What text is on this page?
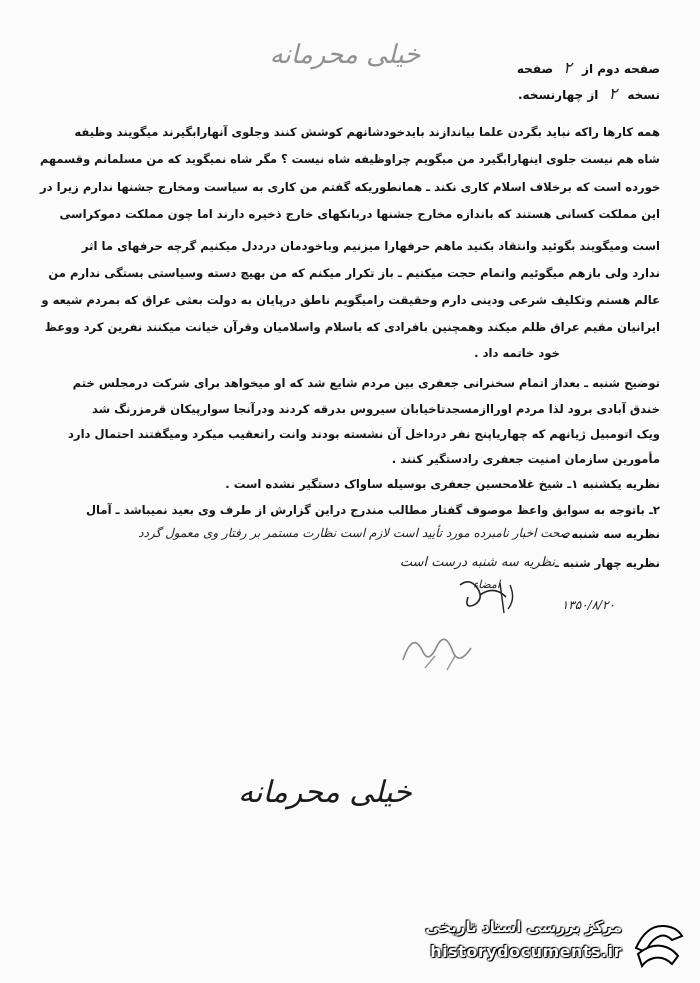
خیلی محرمانه	صفحه دوم از ۲ صفحه
نسخه ۲ از چهارنسخه.
همه کارها راکه نباید بگردن علما بیاندازند بایدخودشانهم کوشش کنند وجلوی آنهارابگیرند میگویند وظیفه
شاه هم نیست جلوی اینهارابگیرد من میگویم چراوظیفه شاه نیست ؟ مگر شاه نمیگوید که من مسلمانم وقسمهم
خورده است که برخلاف اسلام کاری نکند ـ همانطوریکه گفتم من کاری به سیاست ومخارج جشنها ندارم زیرا در
این مملکت کسانی هستند که باندازه مخارج جشنها دربانکهای خارج ذخیره دارند اما چون مملکت دموکراسی
است ومیگویند بگوئید وانتقاد بکنید ماهم حرفهارا میزنیم وباخودمان درددل میکنیم گرچه حرفهای ما اثر
ندارد ولی بازهم میگوئیم واتمام حجت میکنیم ـ باز تکرار میکنم که من بهیچ دسته وسیاستی بستگی ندارم من
عالم هستم وتکلیف شرعی ودینی دارم وحقیقت رامیگویم ناطق درپایان به دولت بعثی عراق که بمردم شیعه و
ایرانیان مقیم عراق ظلم میکند وهمچنین بافرادی که باسلام واسلامیان وقرآن خیانت میکنند نفرین کرد ووعظ
خود خاتمه داد .
توضیح شنبه ـ بعداز اتمام سخنرانی جعفری بین مردم شایع شد که او میخواهد برای شرکت درمجلس ختم
خندق آبادی برود لذا مردم اوراازمسجدتاخیابان سیروس بدرقه کردند ودرآنجا سوارپیکان قرمزرنگ شد
ویک اتومبیل ژیانهم که چهاریاپنج نفر درداخل آن نشسته بودند وانت راتعقیب میکرد ومیگفتند احتمال دارد
مأمورین سازمان امنیت جعفری رادستگیر کنند .
نظریه یکشنبه ۱ـ شیخ غلامحسین جعفری بوسیله ساواک دستگیر نشده است .
۲ـ باتوجه به سوابق واعظ موصوف گفتار مطالب مندرج دراین گزارش از طرف وی بعید نمیباشد ـ آمال
نظریه سه شنبه ـ
صحت اخبار نامبرده مورد تأیید است لازم است نظارت مستمر بر رفتار وی معمول گردد
نظریه چهار شنبه ـ
نظریه سه شنبه درست است
امضاء
۱۳۵۰/۸/۲۰
خیلی محرمانه
مرکز بررسی اسناد تاریخی
historydocuments.ir
